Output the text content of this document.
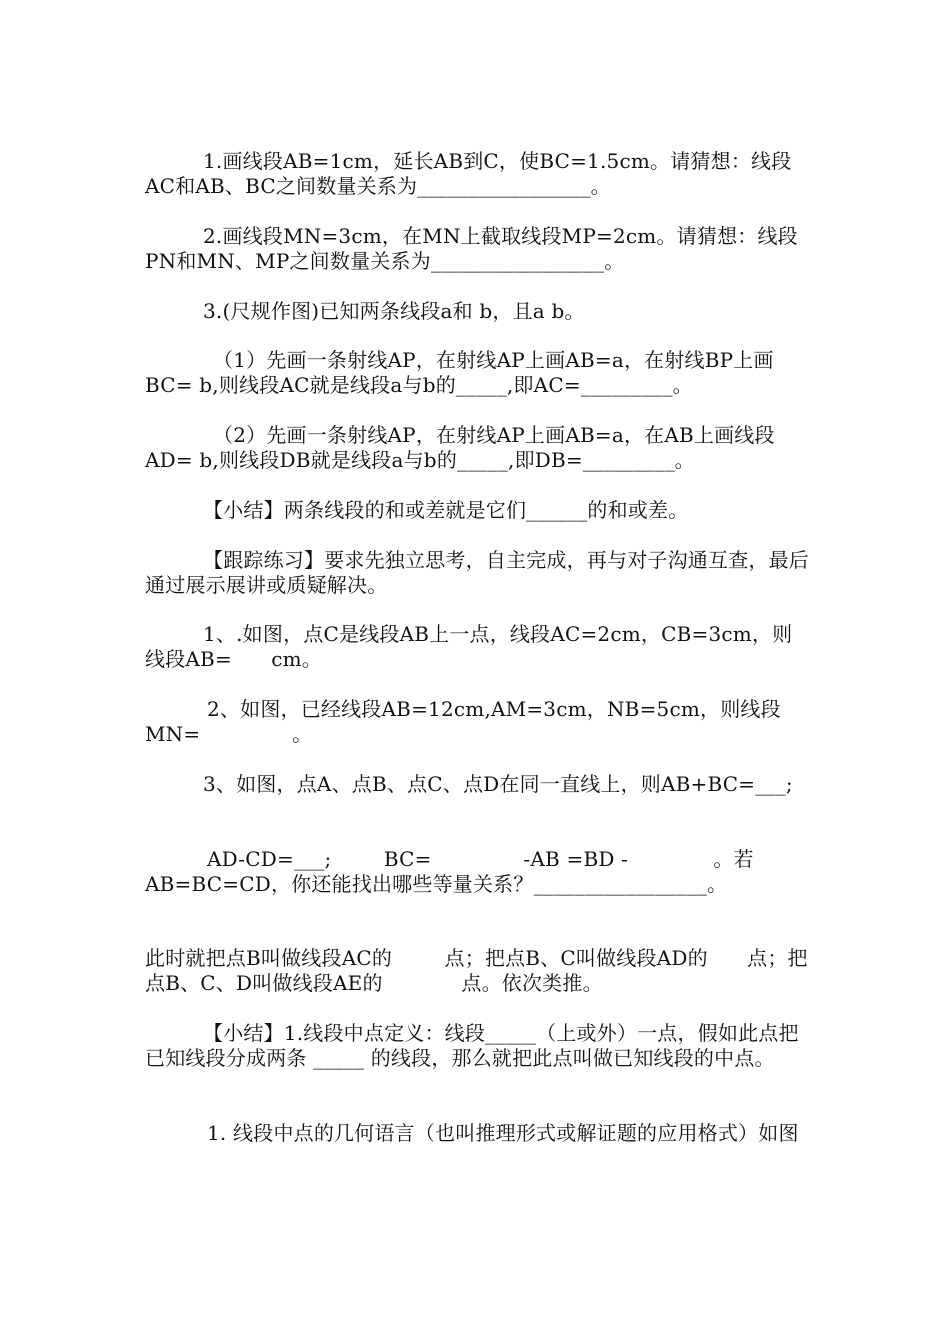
1.画线段AB=1cm，延长AB到C，使BC=1.5cm。请猜想：线段AC和AB、BC之间数量关系为_________________。
2.画线段MN=3cm，在MN上截取线段MP=2cm。请猜想：线段PN和MN、MP之间数量关系为_________________。
3.(尺规作图)已知两条线段a和 b，且a b。
（1）先画一条射线AP，在射线AP上画AB=a，在射线BP上画BC= b,则线段AC就是线段a与b的_____,即AC=_________。
（2）先画一条射线AP，在射线AP上画AB=a，在AB上画线段AD= b,则线段DB就是线段a与b的_____,即DB=_________。
【小结】两条线段的和或差就是它们______的和或差。
【跟踪练习】要求先独立思考，自主完成，再与对子沟通互查，最后通过展示展讲或质疑解决。
1、.如图，点C是线段AB上一点，线段AC=2cm，CB=3cm，则线段AB=      cm。
2、如图，已经线段AB=12cm,AM=3cm，NB=5cm，则线段MN=              。
3、如图，点A、点B、点C、点D在同一直线上，则AB+BC=___;
AD-CD=___;        BC=              -AB =BD -             。若AB=BC=CD，你还能找出哪些等量关系？_________________。
此时就把点B叫做线段AC的        点；把点B、C叫做线段AD的      点；把点B、C、D叫做线段AE的            点。依次类推。
【小结】1.线段中点定义：线段_____（上或外）一点，假如此点把已知线段分成两条 _____ 的线段，那么就把此点叫做已知线段的中点。
1. 线段中点的几何语言（也叫推理形式或解证题的应用格式）如图
